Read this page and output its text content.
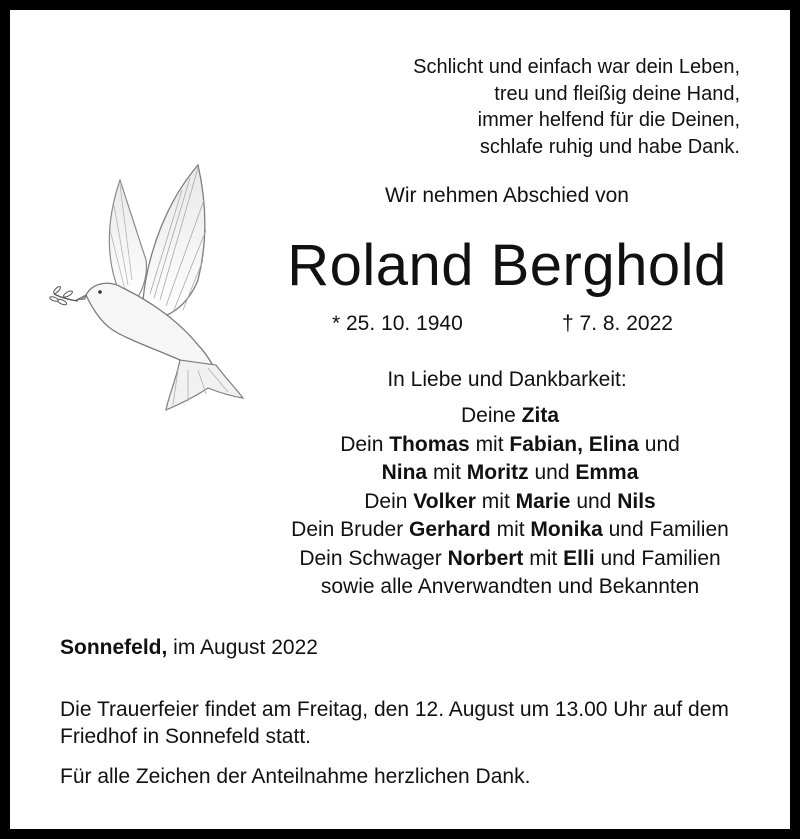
Schlicht und einfach war dein Leben,
treu und fleißig deine Hand,
immer helfend für die Deinen,
schlafe ruhig und habe Dank.
Wir nehmen Abschied von
Roland Berghold
* 25. 10. 1940	† 7. 8. 2022
In Liebe und Dankbarkeit:
Deine Zita
Dein Thomas mit Fabian, Elina und
Nina mit Moritz und Emma
Dein Volker mit Marie und Nils
Dein Bruder Gerhard mit Monika und Familien
Dein Schwager Norbert mit Elli und Familien
sowie alle Anverwandten und Bekannten
Sonnefeld, im August 2022
Die Trauerfeier findet am Freitag, den 12. August um 13.00 Uhr auf dem Friedhof in Sonnefeld statt.
Für alle Zeichen der Anteilnahme herzlichen Dank.
